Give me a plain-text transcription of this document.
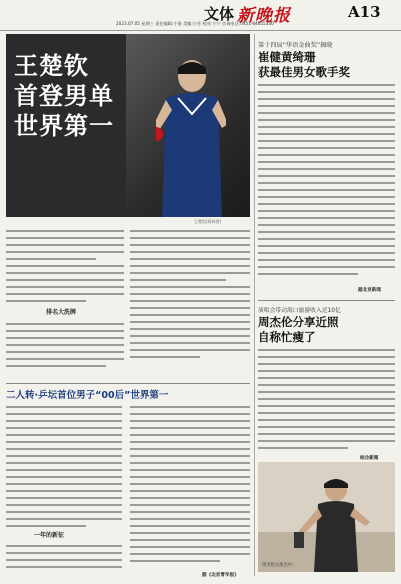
文体 新晚报	A13
2023.07.05 星期三 责任编辑:小鲁 美编:小芳 校对:小宁 咨询电话:0451-84655330
王楚钦
首登男单
世界第一
王楚钦(资料图)
排名大洗牌
二人转·乒坛首位男子“00后”世界第一
一年的新征
据《北京青年报》
第十四届“华语金曲奖”揭晓
崔健黄绮珊
获最佳男女歌手奖
据北京新闻
演唱会带动海口旅游收入近10亿
周杰伦分享近照
自称忙瘦了
综合新闻
周杰伦在演出中。
